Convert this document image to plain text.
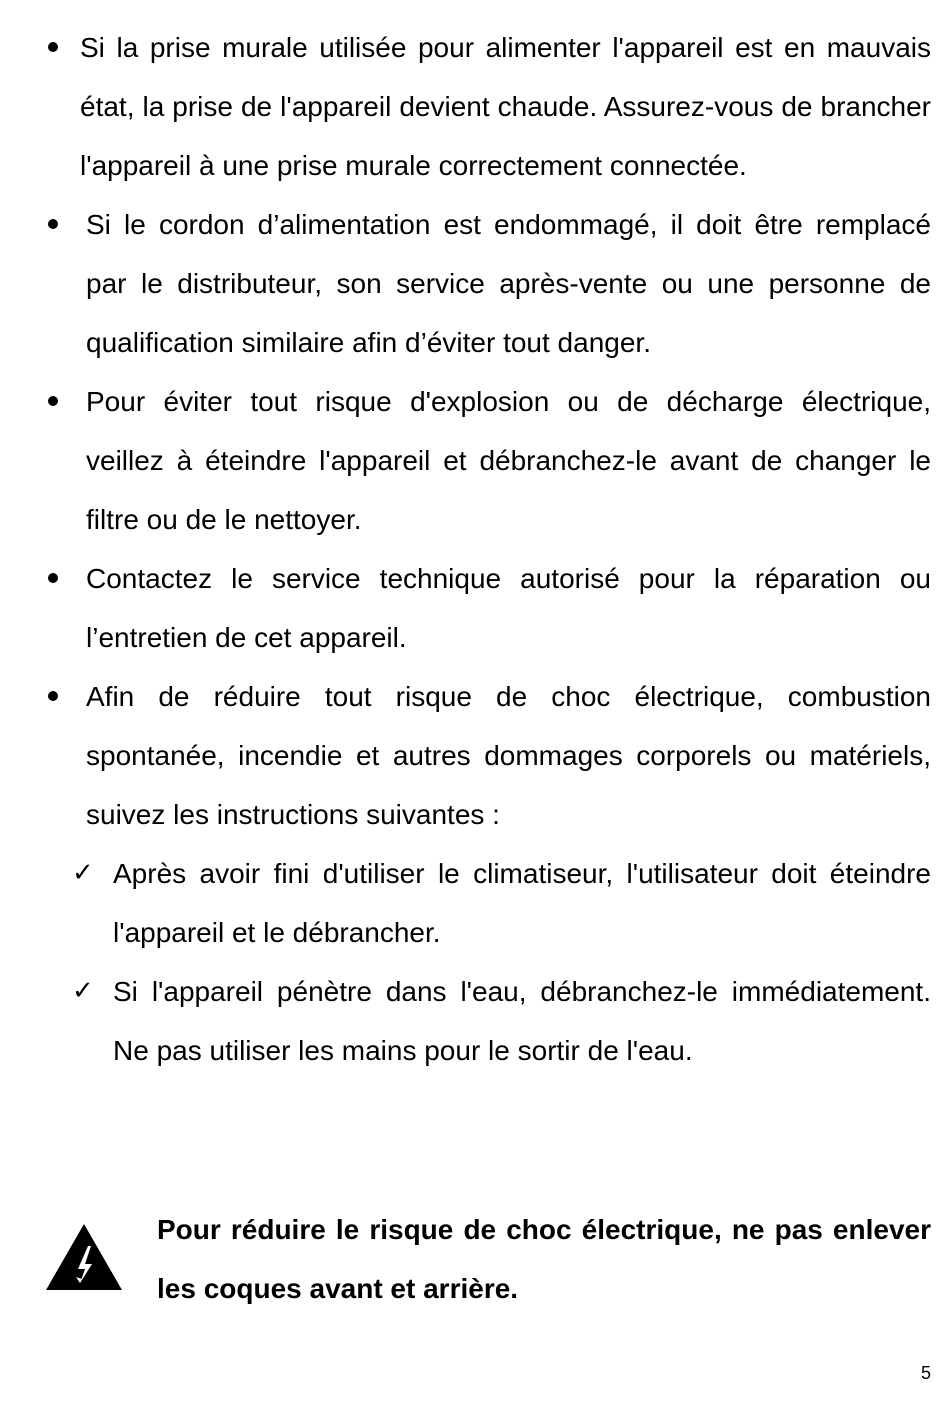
Si la prise murale utilisée pour alimenter l'appareil est en mauvais état, la prise de l'appareil devient chaude. Assurez-vous de brancher l'appareil à une prise murale correctement connectée.
Si le cordon d’alimentation est endommagé, il doit être remplacé par le distributeur, son service après-vente ou une personne de qualification similaire afin d’éviter tout danger.
Pour éviter tout risque d'explosion ou de décharge électrique, veillez à éteindre l'appareil et débranchez-le avant de changer le filtre ou de le nettoyer.
Contactez le service technique autorisé pour la réparation ou l’entretien de cet appareil.
Afin de réduire tout risque de choc électrique, combustion spontanée, incendie et autres dommages corporels ou matériels, suivez les instructions suivantes :
✓ Après avoir fini d'utiliser le climatiseur, l'utilisateur doit éteindre l'appareil et le débrancher.
✓ Si l'appareil pénètre dans l'eau, débranchez-le immédiatement. Ne pas utiliser les mains pour le sortir de l'eau.
Pour réduire le risque de choc électrique, ne pas enlever les coques avant et arrière.
5
